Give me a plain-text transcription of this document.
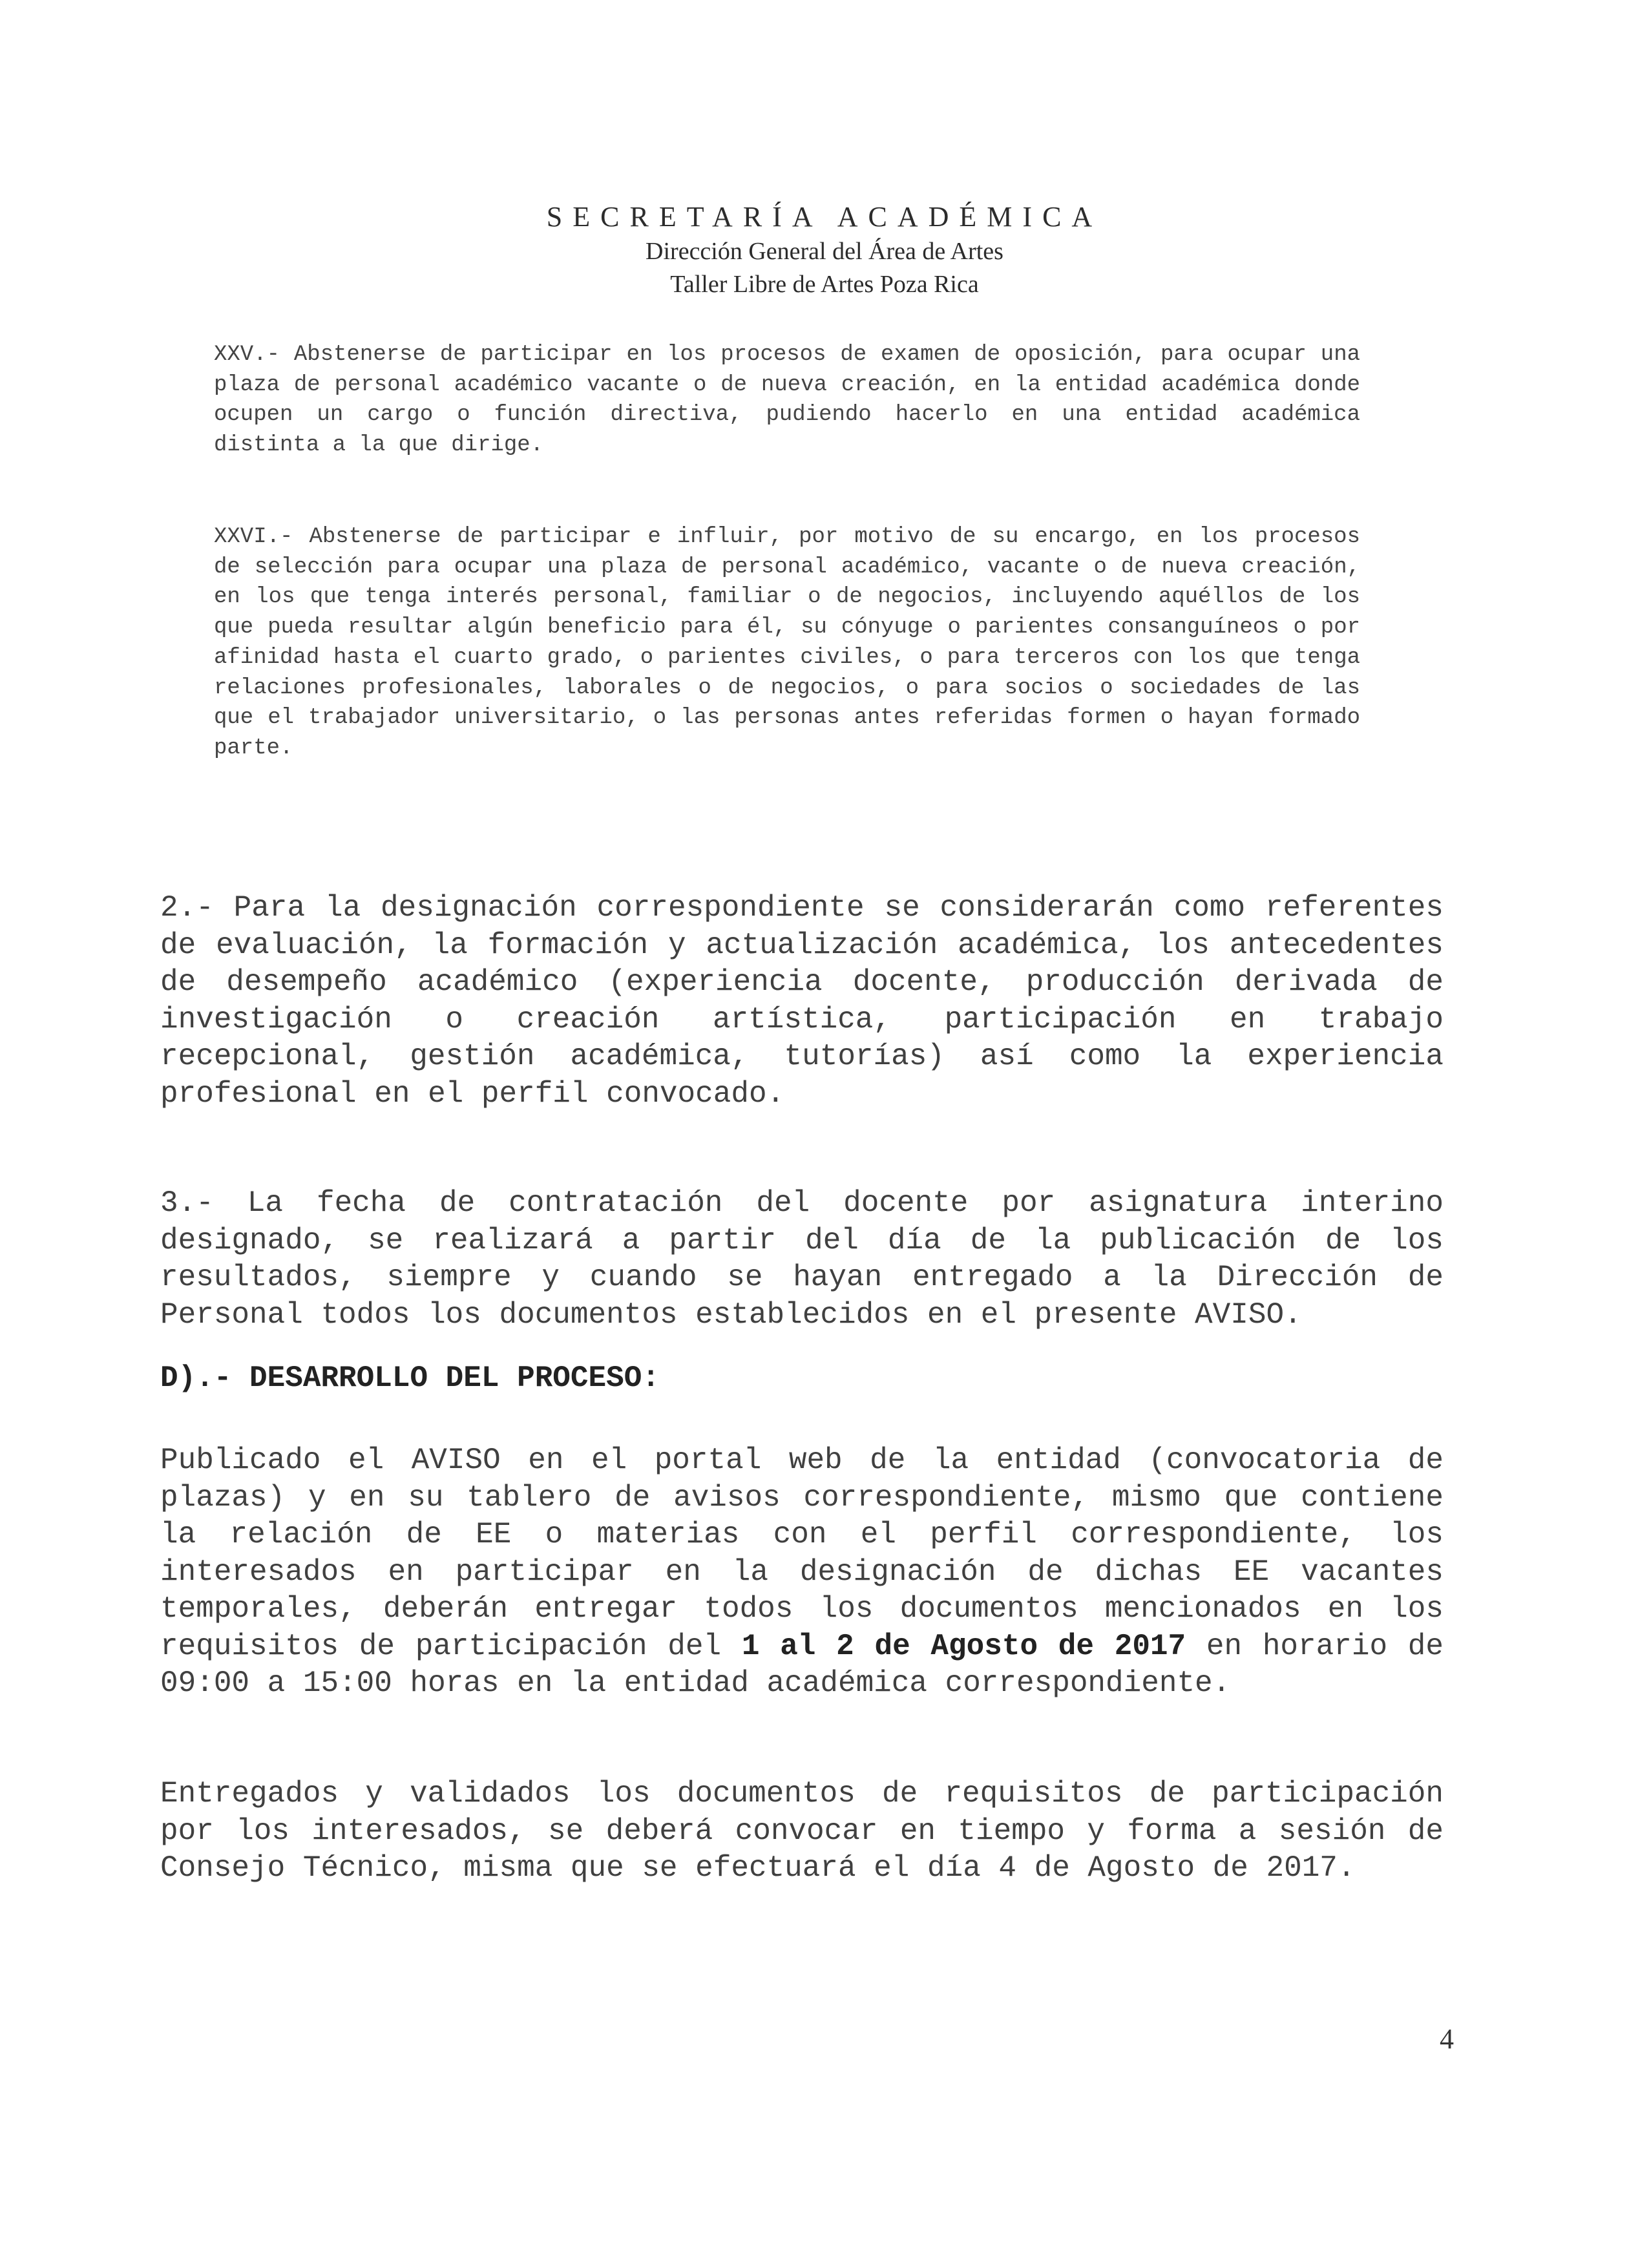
SECRETARÍA ACADÉMICA
Dirección General del Área de Artes
Taller Libre de Artes Poza Rica

XXV.- Abstenerse de participar en los procesos de examen de oposición, para ocupar una plaza de personal académico vacante o de nueva creación, en la entidad académica donde ocupen un cargo o función directiva, pudiendo hacerlo en una entidad académica distinta a la que dirige.

XXVI.- Abstenerse de participar e influir, por motivo de su encargo, en los procesos de selección para ocupar una plaza de personal académico, vacante o de nueva creación, en los que tenga interés personal, familiar o de negocios, incluyendo aquéllos de los que pueda resultar algún beneficio para él, su cónyuge o parientes consanguíneos o por afinidad hasta el cuarto grado, o parientes civiles, o para terceros con los que tenga relaciones profesionales, laborales o de negocios, o para socios o sociedades de las que el trabajador universitario, o las personas antes referidas formen o hayan formado parte.

2.- Para la designación correspondiente se considerarán como referentes de evaluación, la formación y actualización académica, los antecedentes de desempeño académico (experiencia docente, producción derivada de investigación o creación artística, participación en trabajo recepcional, gestión académica, tutorías) así como la experiencia profesional en el perfil convocado.

3.- La fecha de contratación del docente por asignatura interino designado, se realizará a partir del día de la publicación de los resultados, siempre y cuando se hayan entregado a la Dirección de Personal todos los documentos establecidos en el presente AVISO.

D).- DESARROLLO DEL PROCESO:

Publicado el AVISO en el portal web de la entidad (convocatoria de plazas) y en su tablero de avisos correspondiente, mismo que contiene la relación de EE o materias con el perfil correspondiente, los interesados en participar en la designación de dichas EE vacantes temporales, deberán entregar todos los documentos mencionados en los requisitos de participación del 1 al 2 de Agosto de 2017 en horario de 09:00 a 15:00 horas en la entidad académica correspondiente.

Entregados y validados los documentos de requisitos de participación por los interesados, se deberá convocar en tiempo y forma a sesión de Consejo Técnico, misma que se efectuará el día 4 de Agosto de 2017.

4
